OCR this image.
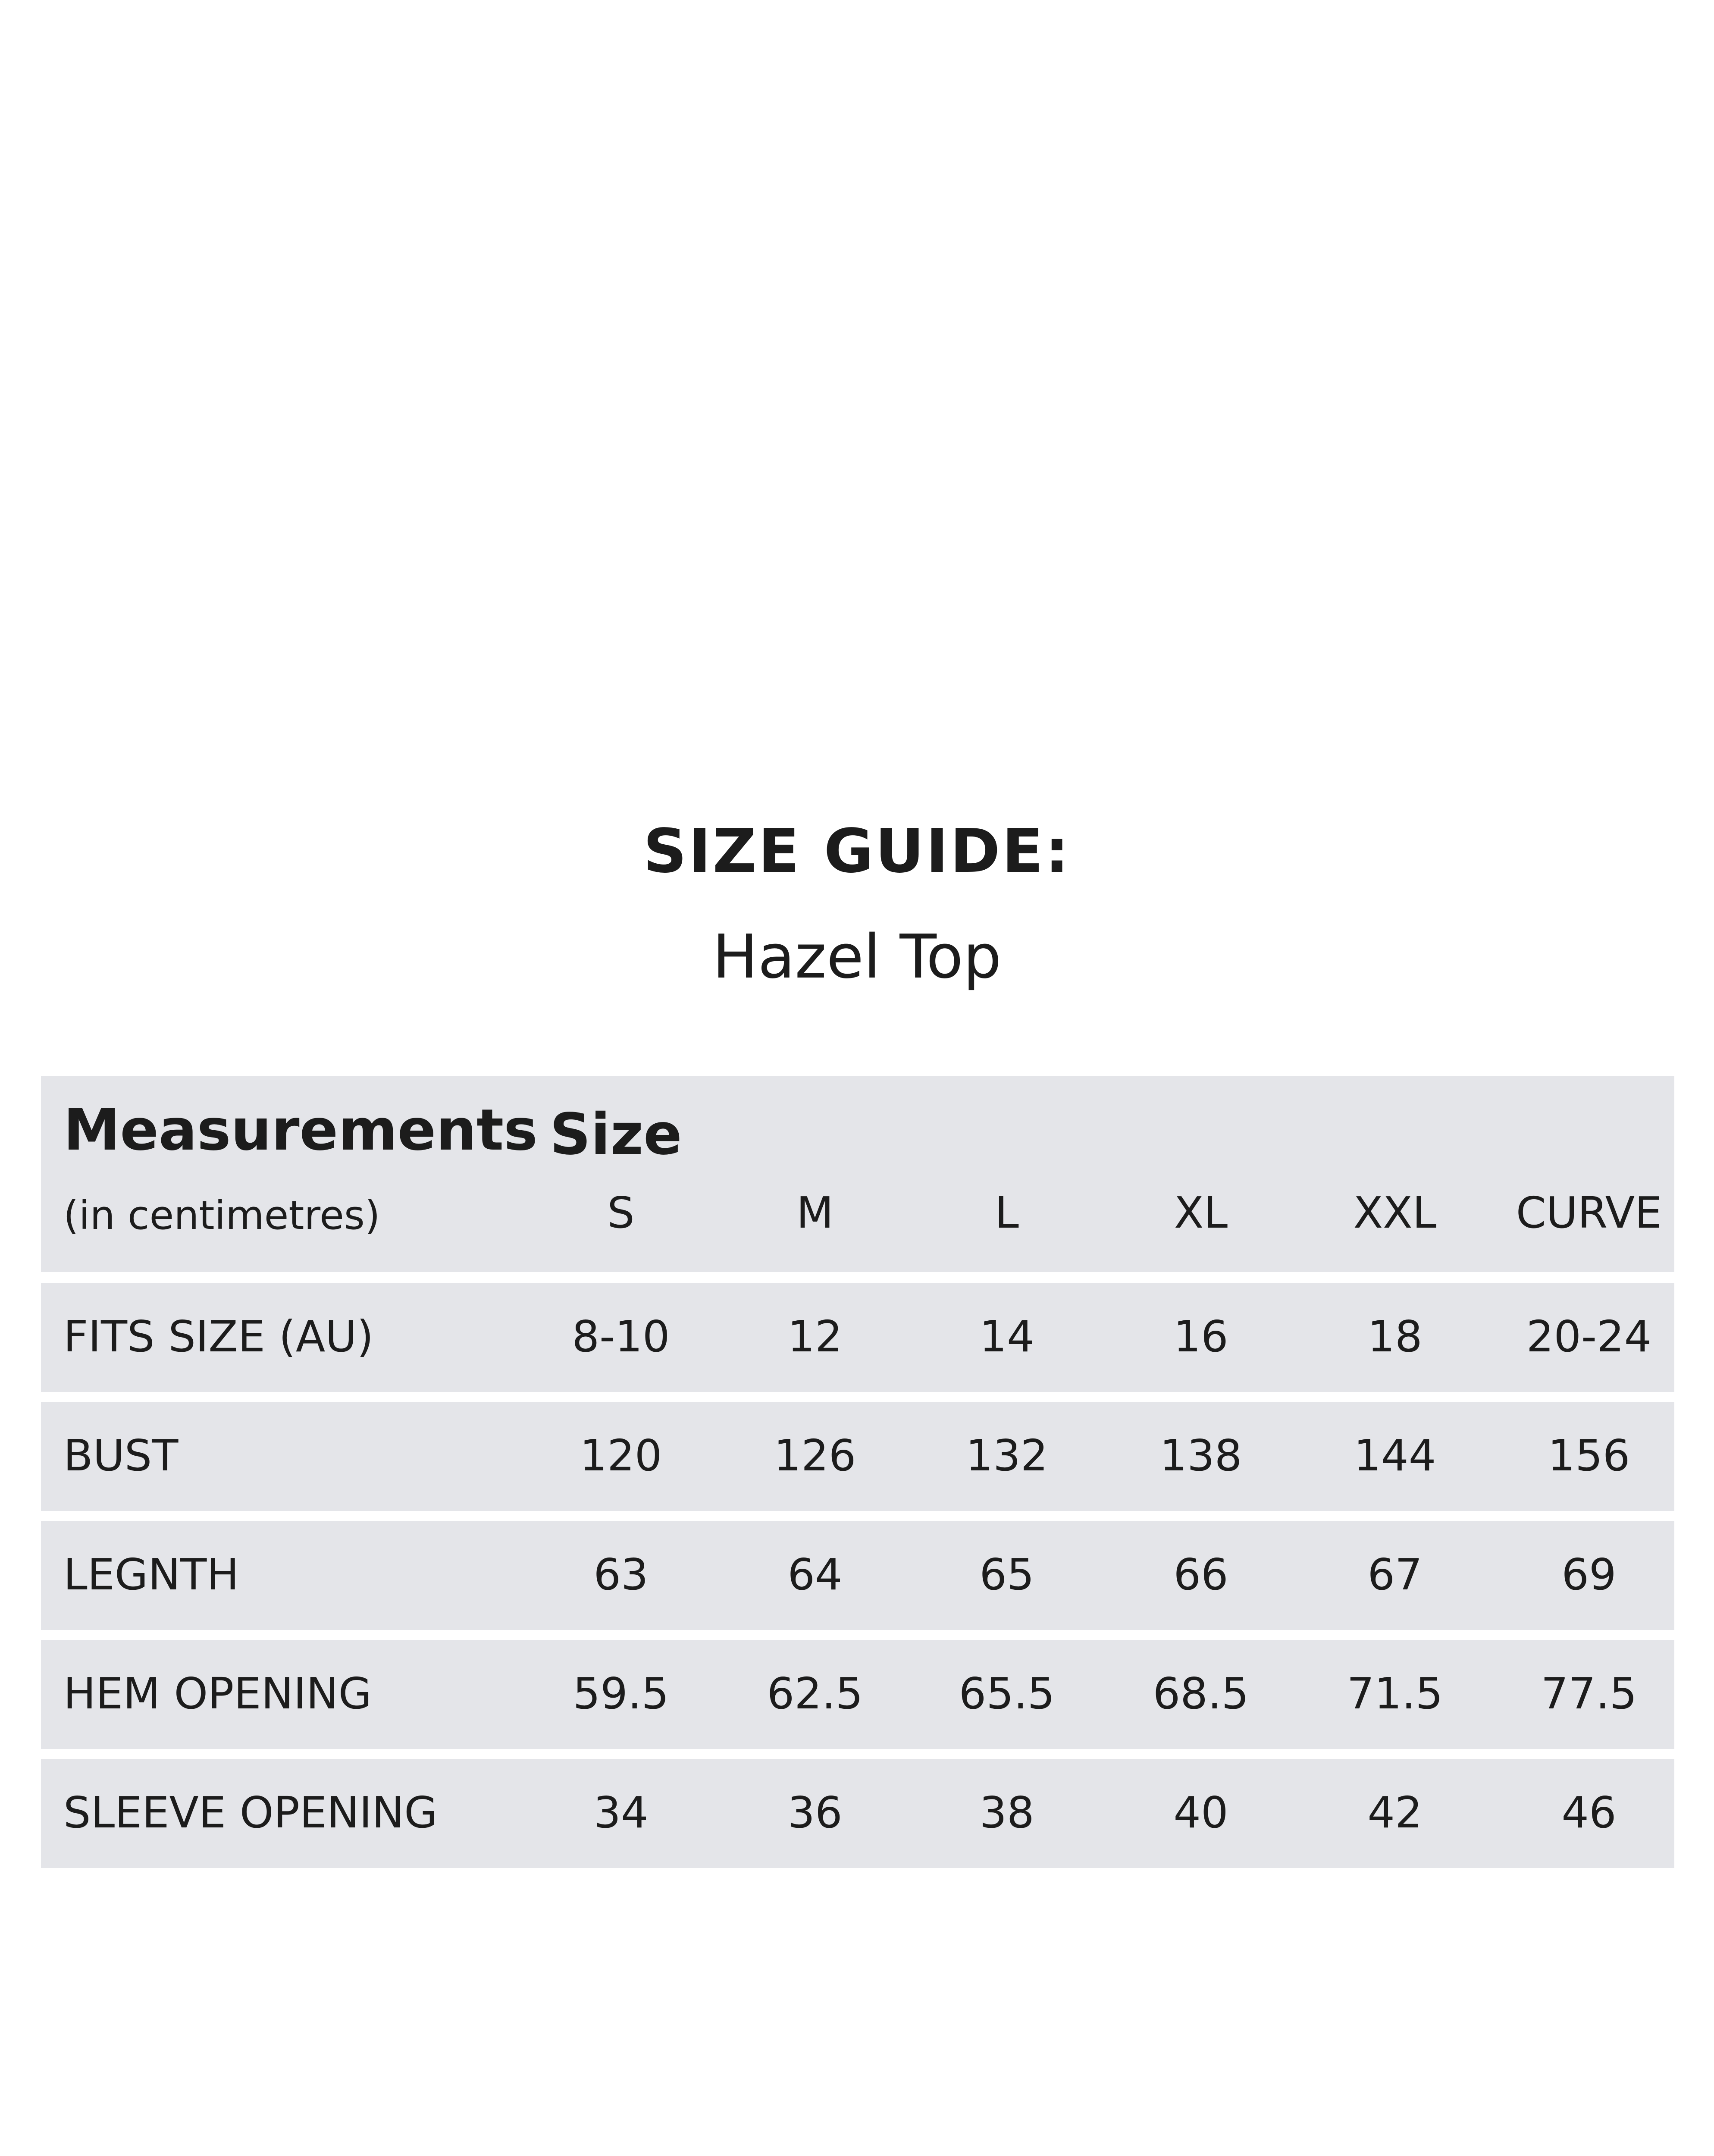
SIZE GUIDE:
Hazel Top
Measurements Size
(in centimetres)	S	M	L	XL	XXL	CURVE
FITS SIZE (AU)	8-10	12	14	16	18	20-24
BUST	120	126	132	138	144	156
LEGNTH	63	64	65	66	67	69
HEM OPENING	59.5	62.5	65.5	68.5	71.5	77.5
SLEEVE OPENING	34	36	38	40	42	46
